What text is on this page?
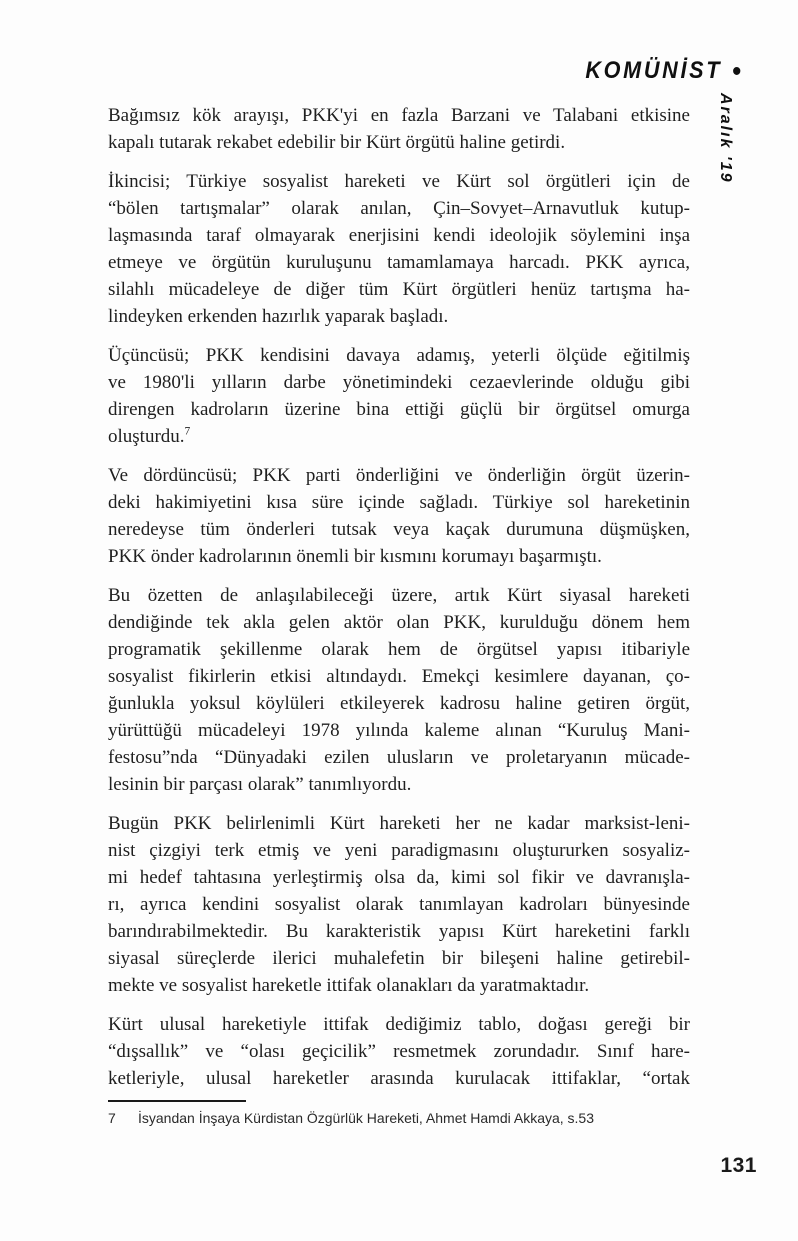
KOMÜNİST •
Aralık '19
Bağımsız kök arayışı, PKK'yi en fazla Barzani ve Talabani etkisine
kapalı tutarak rekabet edebilir bir Kürt örgütü haline getirdi.
İkincisi; Türkiye sosyalist hareketi ve Kürt sol örgütleri için de
“bölen tartışmalar” olarak anılan, Çin–Sovyet–Arnavutluk kutup-
laşmasında taraf olmayarak enerjisini kendi ideolojik söylemini inşa
etmeye ve örgütün kuruluşunu tamamlamaya harcadı. PKK ayrıca,
silahlı mücadeleye de diğer tüm Kürt örgütleri henüz tartışma ha-
lindeyken erkenden hazırlık yaparak başladı.
Üçüncüsü; PKK kendisini davaya adamış, yeterli ölçüde eğitilmiş
ve 1980'li yılların darbe yönetimindeki cezaevlerinde olduğu gibi
direngen kadroların üzerine bina ettiği güçlü bir örgütsel omurga
oluşturdu.$^7$
Ve dördüncüsü; PKK parti önderliğini ve önderliğin örgüt üzerin-
deki hakimiyetini kısa süre içinde sağladı. Türkiye sol hareketinin
neredeyse tüm önderleri tutsak veya kaçak durumuna düşmüşken,
PKK önder kadrolarının önemli bir kısmını korumayı başarmıştı.
Bu özetten de anlaşılabileceği üzere, artık Kürt siyasal hareketi
dendiğinde tek akla gelen aktör olan PKK, kurulduğu dönem hem
programatik şekillenme olarak hem de örgütsel yapısı itibariyle
sosyalist fikirlerin etkisi altındaydı. Emekçi kesimlere dayanan, ço-
ğunlukla yoksul köylüleri etkileyerek kadrosu haline getiren örgüt,
yürüttüğü mücadeleyi 1978 yılında kaleme alınan “Kuruluş Mani-
festosu”nda “Dünyadaki ezilen ulusların ve proletaryanın mücade-
lesinin bir parçası olarak” tanımlıyordu.
Bugün PKK belirlenimli Kürt hareketi her ne kadar marksist-leni-
nist çizgiyi terk etmiş ve yeni paradigmasını oluştururken sosyaliz-
mi hedef tahtasına yerleştirmiş olsa da, kimi sol fikir ve davranışla-
rı, ayrıca kendini sosyalist olarak tanımlayan kadroları bünyesinde
barındırabilmektedir. Bu karakteristik yapısı Kürt hareketini farklı
siyasal süreçlerde ilerici muhalefetin bir bileşeni haline getirebil-
mekte ve sosyalist hareketle ittifak olanakları da yaratmaktadır.
Kürt ulusal hareketiyle ittifak dediğimiz tablo, doğası gereği bir
“dışsallık” ve “olası geçicilik” resmetmek zorundadır. Sınıf hare-
ketleriyle, ulusal hareketler arasında kurulacak ittifaklar, “ortak
7	İsyandan İnşaya Kürdistan Özgürlük Hareketi, Ahmet Hamdi Akkaya, s.53
131
